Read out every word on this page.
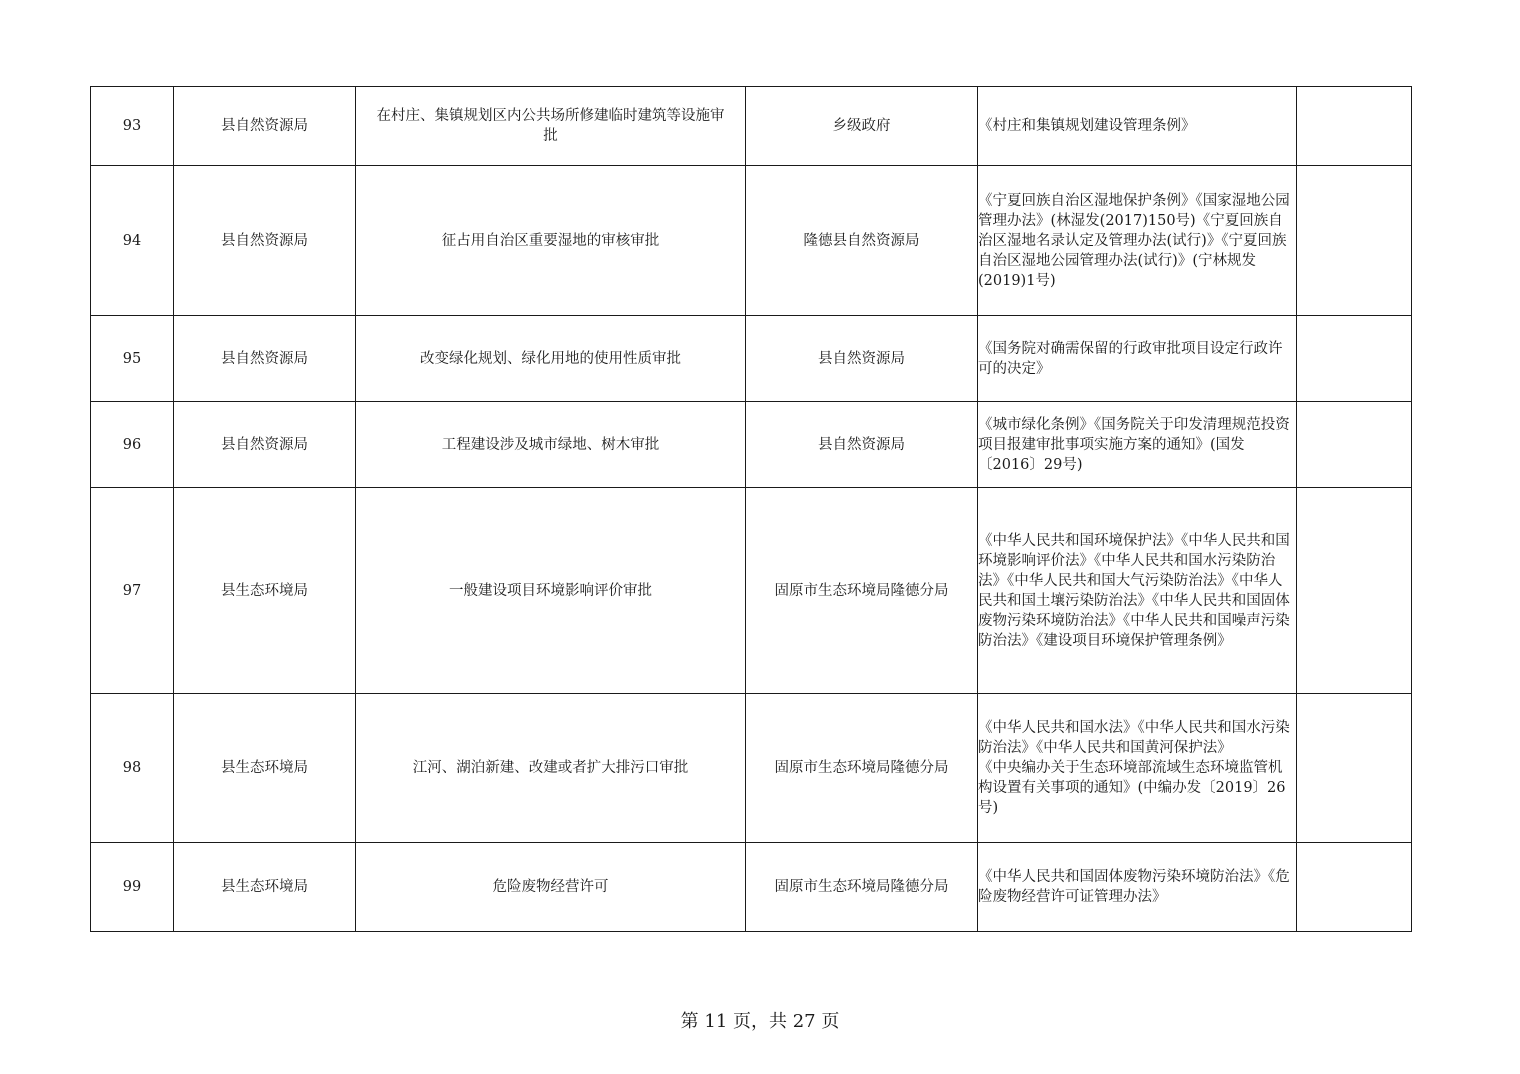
93	县自然资源局	在村庄、集镇规划区内公共场所修建临时建筑等设施审
批	乡级政府	《村庄和集镇规划建设管理条例》	
94	县自然资源局	征占用自治区重要湿地的审核审批	隆德县自然资源局	《宁夏回族自治区湿地保护条例》《国家湿地公园管理办法》(林湿发(2017)150号)《宁夏回族自治区湿地名录认定及管理办法(试行)》《宁夏回族自治区湿地公园管理办法(试行)》(宁林规发
(2019)1号)	
95	县自然资源局	改变绿化规划、绿化用地的使用性质审批	县自然资源局	《国务院对确需保留的行政审批项目设定行政许可的决定》	
96	县自然资源局	工程建设涉及城市绿地、树木审批	县自然资源局	《城市绿化条例》《国务院关于印发清理规范投资项目报建审批事项实施方案的通知》(国发〔2016〕29号)	
97	县生态环境局	一般建设项目环境影响评价审批	固原市生态环境局隆德分局	《中华人民共和国环境保护法》《中华人民共和国环境影响评价法》《中华人民共和国水污染防治法》《中华人民共和国大气污染防治法》《中华人民共和国土壤污染防治法》《中华人民共和国固体废物污染环境防治法》《中华人民共和国噪声污染防治法》《建设项目环境保护管理条例》	
98	县生态环境局	江河、湖泊新建、改建或者扩大排污口审批	固原市生态环境局隆德分局	《中华人民共和国水法》《中华人民共和国水污染防治法》《中华人民共和国黄河保护法》
《中央编办关于生态环境部流域生态环境监管机构设置有关事项的通知》(中编办发〔2019〕26号)	
99	县生态环境局	危险废物经营许可	固原市生态环境局隆德分局	《中华人民共和国固体废物污染环境防治法》《危险废物经营许可证管理办法》	
第 11 页，共 27 页
